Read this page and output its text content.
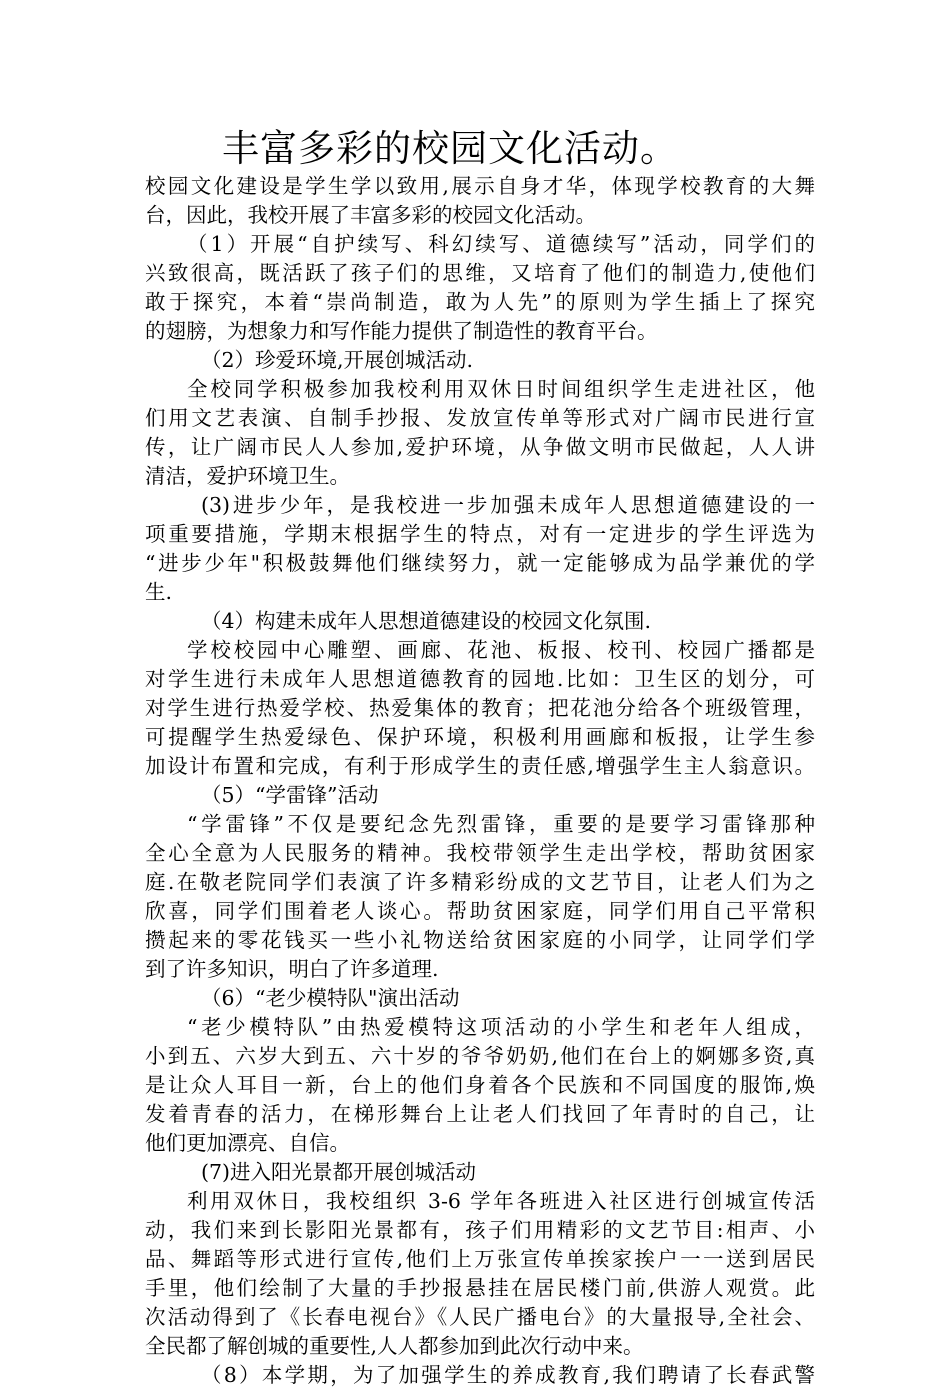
丰富多彩的校园文化活动。
校园文化建设是学生学以致用,展示自身才华，体现学校教育的大舞
台，因此，我校开展了丰富多彩的校园文化活动。
（1）开展“自护续写、科幻续写、道德续写”活动，同学们的
兴致很高，既活跃了孩子们的思维，又培育了他们的制造力,使他们
敢于探究，本着“崇尚制造，敢为人先”的原则为学生插上了探究
的翅膀，为想象力和写作能力提供了制造性的教育平台。
（2）珍爱环境,开展创城活动.
全校同学积极参加我校利用双休日时间组织学生走进社区，他
们用文艺表演、自制手抄报、发放宣传单等形式对广阔市民进行宣
传，让广阔市民人人参加,爱护环境，从争做文明市民做起，人人讲
清洁，爱护环境卫生。
(3)进步少年，是我校进一步加强未成年人思想道德建设的一
项重要措施，学期末根据学生的特点，对有一定进步的学生评选为
“进步少年"积极鼓舞他们继续努力，就一定能够成为品学兼优的学
生.
（4）构建未成年人思想道德建设的校园文化氛围.
学校校园中心雕塑、画廊、花池、板报、校刊、校园广播都是
对学生进行未成年人思想道德教育的园地.比如：卫生区的划分，可
对学生进行热爱学校、热爱集体的教育；把花池分给各个班级管理，
可提醒学生热爱绿色、保护环境，积极利用画廊和板报，让学生参
加设计布置和完成，有利于形成学生的责任感,增强学生主人翁意识。
（5）“学雷锋”活动
“学雷锋”不仅是要纪念先烈雷锋，重要的是要学习雷锋那种
全心全意为人民服务的精神。我校带领学生走出学校，帮助贫困家
庭.在敬老院同学们表演了许多精彩纷成的文艺节目，让老人们为之
欣喜，同学们围着老人谈心。帮助贫困家庭，同学们用自己平常积
攒起来的零花钱买一些小礼物送给贫困家庭的小同学，让同学们学
到了许多知识，明白了许多道理.
（6）“老少模特队"演出活动
“老少模特队”由热爱模特这项活动的小学生和老年人组成，
小到五、六岁大到五、六十岁的爷爷奶奶,他们在台上的婀娜多资,真
是让众人耳目一新，台上的他们身着各个民族和不同国度的服饰,焕
发着青春的活力，在梯形舞台上让老人们找回了年青时的自己，让
他们更加漂亮、自信。
(7)进入阳光景都开展创城活动
利用双休日，我校组织 3-6 学年各班进入社区进行创城宣传活
动，我们来到长影阳光景都有，孩子们用精彩的文艺节目:相声、小
品、舞蹈等形式进行宣传,他们上万张宣传单挨家挨户一一送到居民
手里，他们绘制了大量的手抄报悬挂在居民楼门前,供游人观赏。此
次活动得到了《长春电视台》《人民广播电台》的大量报导,全社会、
全民都了解创城的重要性,人人都参加到此次行动中来。
（8）本学期，为了加强学生的养成教育,我们聘请了长春武警
